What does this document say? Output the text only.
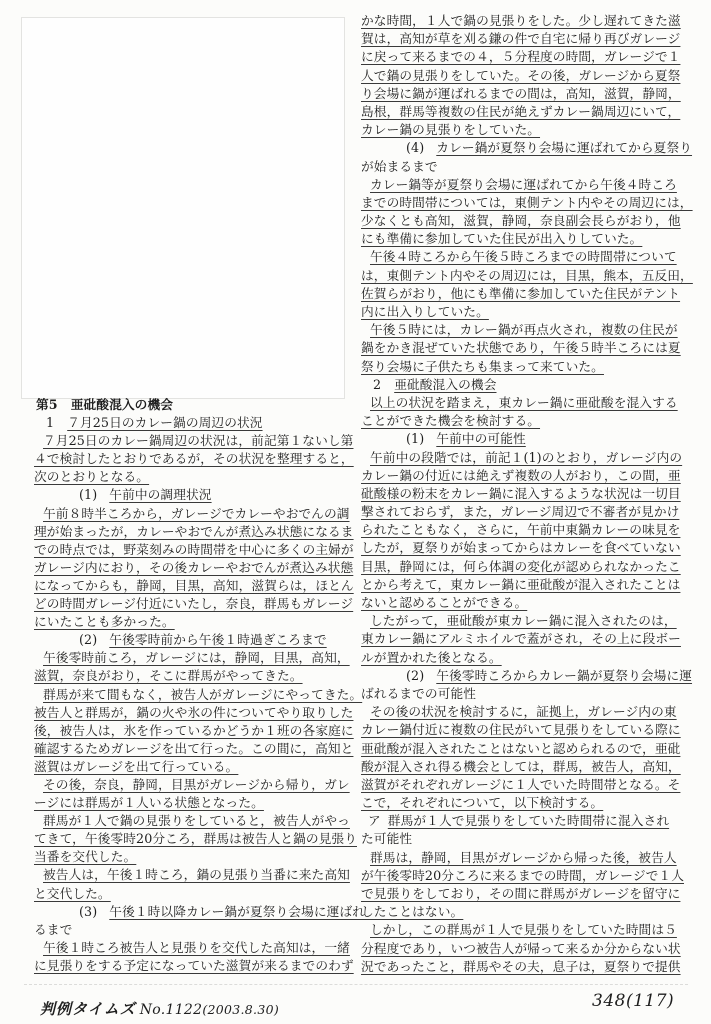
第5 亜砒酸混入の機会
1 ７月25日のカレー鍋の周辺の状況
７月25日のカレー鍋周辺の状況は，前記第１ないし第
４で検討したとおりであるが，その状況を整理すると，
次のとおりとなる。
(1) 午前中の調理状況
午前８時半ころから，ガレージでカレーやおでんの調
理が始まったが，カレーやおでんが煮込み状態になるま
での時点では，野菜刻みの時間帯を中心に多くの主婦が
ガレージ内におり，その後カレーやおでんが煮込み状態
になってからも，静岡，目黒，高知，滋賀らは，ほとん
どの時間ガレージ付近にいたし，奈良，群馬もガレージ
にいたことも多かった。
(2) 午後零時前から午後１時過ぎころまで
午後零時前ころ，ガレージには，静岡，目黒，高知，
滋賀，奈良がおり，そこに群馬がやってきた。
群馬が来て間もなく，被告人がガレージにやってきた。
被告人と群馬が，鍋の火や氷の件についてやり取りした
後，被告人は，氷を作っているかどうか１班の各家庭に
確認するためガレージを出て行った。この間に，高知と
滋賀はガレージを出て行っている。
その後，奈良，静岡，目黒がガレージから帰り，ガレ
ージには群馬が１人いる状態となった。
群馬が１人で鍋の見張りをしていると，被告人がやっ
てきて，午後零時20分ころ，群馬は被告人と鍋の見張り
当番を交代した。
被告人は，午後１時ころ，鍋の見張り当番に来た高知
と交代した。
(3) 午後１時以降カレー鍋が夏祭り会場に運ばれ
るまで
午後１時ころ被告人と見張りを交代した高知は，一緒
に見張りをする予定になっていた滋賀が来るまでのわず
かな時間，１人で鍋の見張りをした。少し遅れてきた滋
賀は，高知が草を刈る鎌の件で自宅に帰り再びガレージ
に戻って来るまでの４，５分程度の時間，ガレージで１
人で鍋の見張りをしていた。その後，ガレージから夏祭
り会場に鍋が運ばれるまでの間は，高知，滋賀，静岡，
島根，群馬等複数の住民が絶えずカレー鍋周辺にいて，
カレー鍋の見張りをしていた。
(4) カレー鍋が夏祭り会場に運ばれてから夏祭り
が始まるまで
カレー鍋等が夏祭り会場に運ばれてから午後４時ころ
までの時間帯については，東側テント内やその周辺には，
少なくとも高知，滋賀，静岡，奈良副会長らがおり，他
にも準備に参加していた住民が出入りしていた。
午後４時ころから午後５時ころまでの時間帯について
は，東側テント内やその周辺には，目黒，熊本，五反田，
佐賀らがおり，他にも準備に参加していた住民がテント
内に出入りしていた。
午後５時には，カレー鍋が再点火され，複数の住民が
鍋をかき混ぜていた状態であり，午後５時半ころには夏
祭り会場に子供たちも集まって来ていた。
2 亜砒酸混入の機会
以上の状況を踏まえ，東カレー鍋に亜砒酸を混入する
ことができた機会を検討する。
(1) 午前中の可能性
午前中の段階では，前記１(1)のとおり，ガレージ内の
カレー鍋の付近には絶えず複数の人がおり，この間，亜
砒酸様の粉末をカレー鍋に混入するような状況は一切目
撃されておらず，また，ガレージ周辺で不審者が見かけ
られたこともなく，さらに，午前中東鍋カレーの味見を
したが，夏祭りが始まってからはカレーを食べていない
目黒，静岡には，何ら体調の変化が認められなかったこ
とから考えて，東カレー鍋に亜砒酸が混入されたことは
ないと認めることができる。
したがって，亜砒酸が東カレー鍋に混入されたのは，
東カレー鍋にアルミホイルで蓋がされ，その上に段ボー
ルが置かれた後となる。
(2) 午後零時ころからカレー鍋が夏祭り会場に運
ばれるまでの可能性
その後の状況を検討するに，証拠上，ガレージ内の東
カレー鍋付近に複数の住民がいて見張りをしている際に
亜砒酸が混入されたことはないと認められるので，亜砒
酸が混入され得る機会としては，群馬，被告人，高知，
滋賀がそれぞれガレージに１人でいた時間帯となる。そ
こで，それぞれについて，以下検討する。
ア 群馬が１人で見張りをしていた時間帯に混入され
た可能性
群馬は，静岡，目黒がガレージから帰った後，被告人
が午後零時20分ころに来るまでの時間，ガレージで１人
で見張りをしており，その間に群馬がガレージを留守に
したことはない。
しかし，この群馬が１人で見張りをしていた時間は５
分程度であり，いつ被告人が帰って来るか分からない状
況であったこと，群馬やその夫，息子は，夏祭りで提供
判例タイムズ No.1122(2003.8.30)	348(117)
